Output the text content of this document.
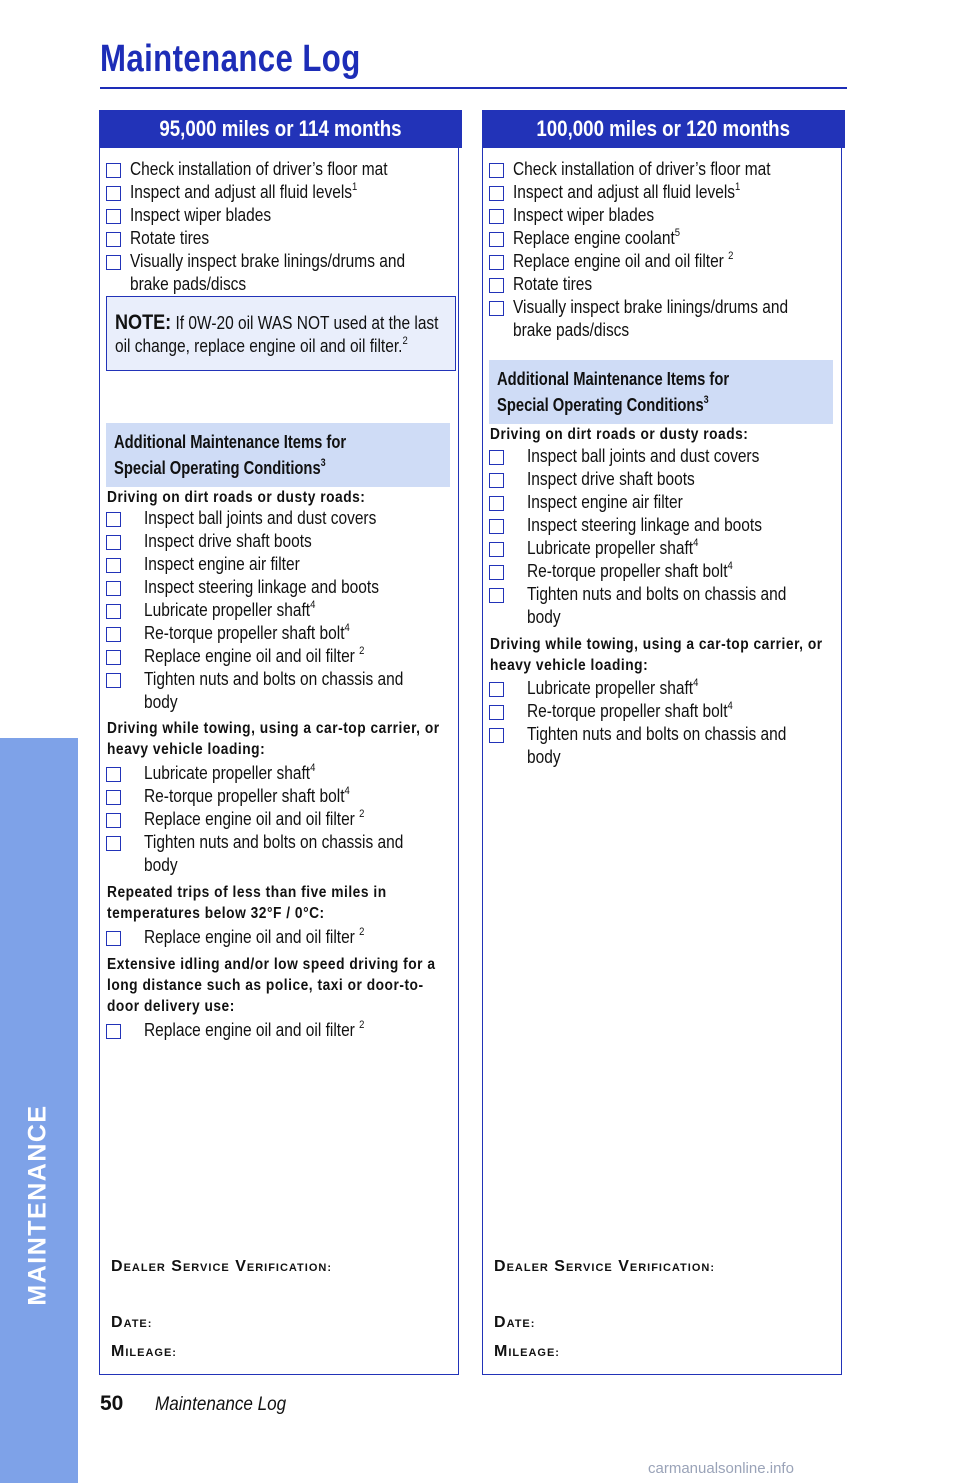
Maintenance Log
MAINTENANCE
95,000 miles or 114 months
Check installation of driver’s floor mat
Inspect and adjust all fluid levels$^1$
Inspect wiper blades
Rotate tires
Visually inspect brake linings/drums and brake pads/discs
NOTE: If 0W-20 oil WAS NOT used at the last oil change, replace engine oil and oil filter.$^2$
Additional Maintenance Items for
Special Operating Conditions$^3$
Driving on dirt roads or dusty roads:
Inspect ball joints and dust covers
Inspect drive shaft boots
Inspect engine air filter
Inspect steering linkage and boots
Lubricate propeller shaft$^4$
Re-torque propeller shaft bolt$^4$
Replace engine oil and oil filter $^2$
Tighten nuts and bolts on chassis and body
Driving while towing, using a car-top carrier, or heavy vehicle loading:
Lubricate propeller shaft$^4$
Re-torque propeller shaft bolt$^4$
Replace engine oil and oil filter $^2$
Tighten nuts and bolts on chassis and body
Repeated trips of less than five miles in temperatures below 32°F / 0°C:
Replace engine oil and oil filter $^2$
Extensive idling and/or low speed driving for a long distance such as police, taxi or door-to-door delivery use:
Replace engine oil and oil filter $^2$
DEALER SERVICE VERIFICATION:
DATE:
MILEAGE:
100,000 miles or 120 months
Check installation of driver’s floor mat
Inspect and adjust all fluid levels$^1$
Inspect wiper blades
Replace engine coolant$^5$
Replace engine oil and oil filter $^2$
Rotate tires
Visually inspect brake linings/drums and brake pads/discs
Additional Maintenance Items for
Special Operating Conditions$^3$
Driving on dirt roads or dusty roads:
Inspect ball joints and dust covers
Inspect drive shaft boots
Inspect engine air filter
Inspect steering linkage and boots
Lubricate propeller shaft$^4$
Re-torque propeller shaft bolt$^4$
Tighten nuts and bolts on chassis and body
Driving while towing, using a car-top carrier, or heavy vehicle loading:
Lubricate propeller shaft$^4$
Re-torque propeller shaft bolt$^4$
Tighten nuts and bolts on chassis and body
DEALER SERVICE VERIFICATION:
DATE:
MILEAGE:
50 Maintenance Log
carmanualsonline.info
